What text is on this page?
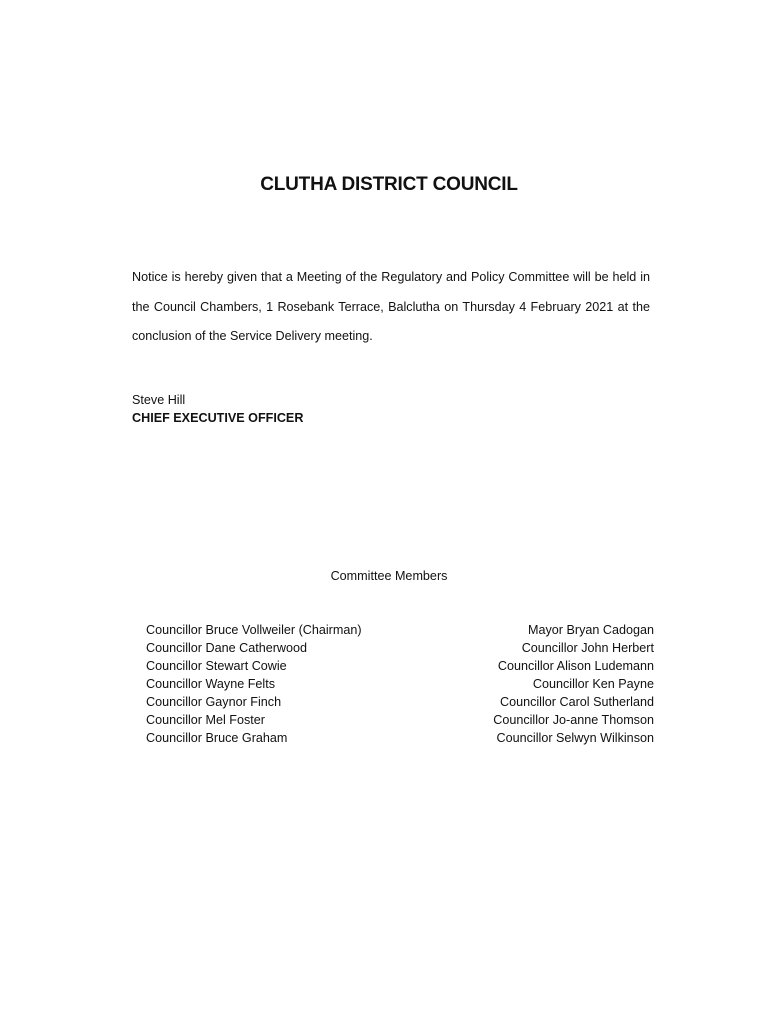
CLUTHA DISTRICT COUNCIL
Notice is hereby given that a Meeting of the Regulatory and Policy Committee will be held in the Council Chambers, 1 Rosebank Terrace, Balclutha on Thursday 4 February 2021 at the conclusion of the Service Delivery meeting.
Steve Hill
CHIEF EXECUTIVE OFFICER
Committee Members
Councillor Bruce Vollweiler (Chairman)
Councillor Dane Catherwood
Councillor Stewart Cowie
Councillor Wayne Felts
Councillor Gaynor Finch
Councillor Mel Foster
Councillor Bruce Graham
Mayor Bryan Cadogan
Councillor John Herbert
Councillor Alison Ludemann
Councillor Ken Payne
Councillor Carol Sutherland
Councillor Jo-anne Thomson
Councillor Selwyn Wilkinson
